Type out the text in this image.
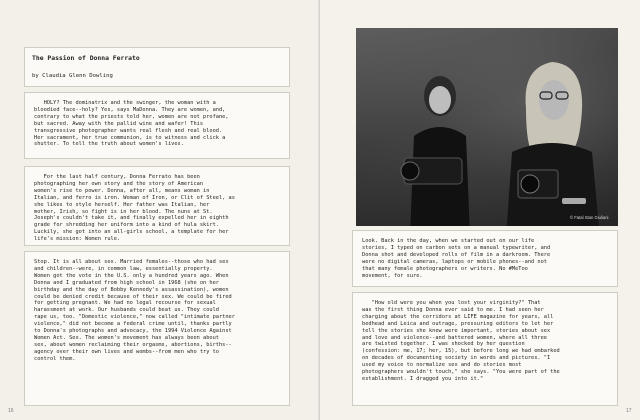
The Passion of Donna Ferrato
by Claudia Glenn Dowling
HOLY? The dominatrix and the swinger, the woman with a
bloodied face--holy? Yes, says MaDonna. They are women, and,
contrary to what the priests told her, women are not profane,
but sacred. Away with the pallid wine and wafer! This
transgressive photographer wants real flesh and real blood.
Her sacrament, her true communion, is to witness and click a
shutter. To tell the truth about women's lives.
For the last half century, Donna Ferrato has been
photographing her own story and the story of American
women's rise to power. Donna, after all, means woman in
Italian, and ferro is iron. Woman of Iron, or Clit of Steel, as
she likes to style herself. Her father was Italian, her
mother, Irish, so fight is in her blood. The nuns at St.
Joseph's couldn't take it, and finally expelled her in eighth
grade for shredding her uniform into a kind of hula skirt.
Luckily, she got into an all-girls school, a template for her
life's mission: Women rule.
Stop. It is all about sex. Married females--those who had sex
and children--were, in common law, essentially property.
Women got the vote in the U.S. only a hundred years ago. When
Donna and I graduated from high school in 1968 (she on her
birthday and the day of Bobby Kennedy's assassination), women
could be denied credit because of their sex. We could be fired
for getting pregnant. We had no legal recourse for sexual
harassment at work. Our husbands could beat us. They could
rape us, too. "Domestic violence," now called "intimate partner
violence," did not become a federal crime until, thanks partly
to Donna's photographs and advocacy, the 1994 Violence Against
Women Act. Sex. The women's movement has always been about
sex, about women reclaiming their orgasms, abortions, births--
agency over their own lives and wombs--from men who try to
control them.
16	17
© Fatal Stan Giuliani
Look. Back in the day, when we started out on our life
stories, I typed on carbon sets on a manual typewriter, and
Donna shot and developed rolls of film in a darkroom. There
were no digital cameras, laptops or mobile phones--and not
that many female photographers or writers. No #MeToo
movement, for sure.
"How old were you when you lost your virginity?" That
was the first thing Donna ever said to me. I had seen her
charging about the corridors at LIFE magazine for years, all
bedhead and Leica and outrage, pressuring editors to let her
tell the stories she knew were important, stories about sex
and love and violence--and battered women, where all three
are twisted together. I was shocked by her question
(confession: me, 17; her, 15), but before long we had embarked
on decades of documenting society in words and pictures. "I
used my voice to normalize sex and do stories most
photographers wouldn't touch," she says. "You were part of the
establishment. I dragged you into it."
